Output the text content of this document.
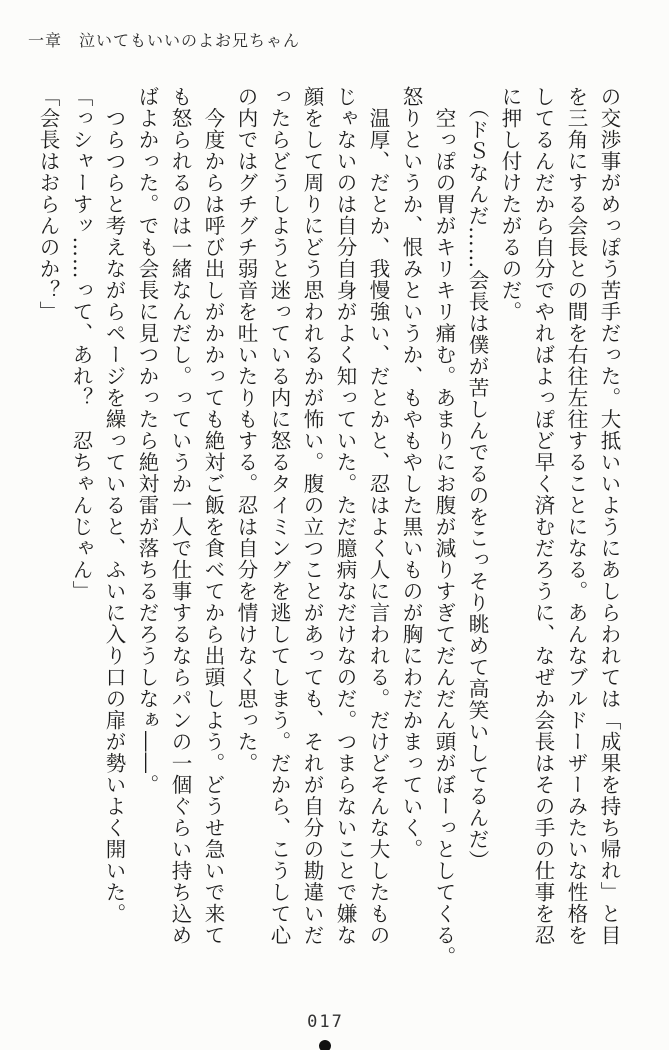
一章　泣いてもいいのよお兄ちゃん
の交渉事がめっぽう苦手だった。大抵いいようにあしらわれては「成果を持ち帰れ」と目
を三角にする会長との間を右往左往することになる。あんなブルドーザーみたいな性格を
してるんだから自分でやればよっぽど早く済むだろうに、なぜか会長はその手の仕事を忍
に押し付けたがるのだ。
　（ドＳなんだ……会長は僕が苦しんでるのをこっそり眺めて高笑いしてるんだ）
　空っぽの胃がキリキリ痛む。あまりにお腹が減りすぎてだんだん頭がぼーっとしてくる。
怒りというか、恨みというか、もやもやした黒いものが胸にわだかまっていく。
　温厚、だとか、我慢強い、だとかと、忍はよく人に言われる。だけどそんな大したもの
じゃないのは自分自身がよく知っていた。ただ臆病なだけなのだ。つまらないことで嫌な
顔をして周りにどう思われるかが怖い。腹の立つことがあっても、それが自分の勘違いだ
ったらどうしようと迷っている内に怒るタイミングを逃してしまう。だから、こうして心
の内ではグチグチ弱音を吐いたりもする。忍は自分を情けなく思った。
　今度からは呼び出しがかかっても絶対ご飯を食べてから出頭しよう。どうせ急いで来て
も怒られるのは一緒なんだし。っていうか一人で仕事するならパンの一個ぐらい持ち込め
ばよかった。でも会長に見つかったら絶対雷が落ちるだろうしなぁ――。
　つらつらと考えながらページを繰っていると、ふいに入り口の扉が勢いよく開いた。
「っシャーすッ……って、あれ？　忍ちゃんじゃん」
「会長はおらんのか？」
017
